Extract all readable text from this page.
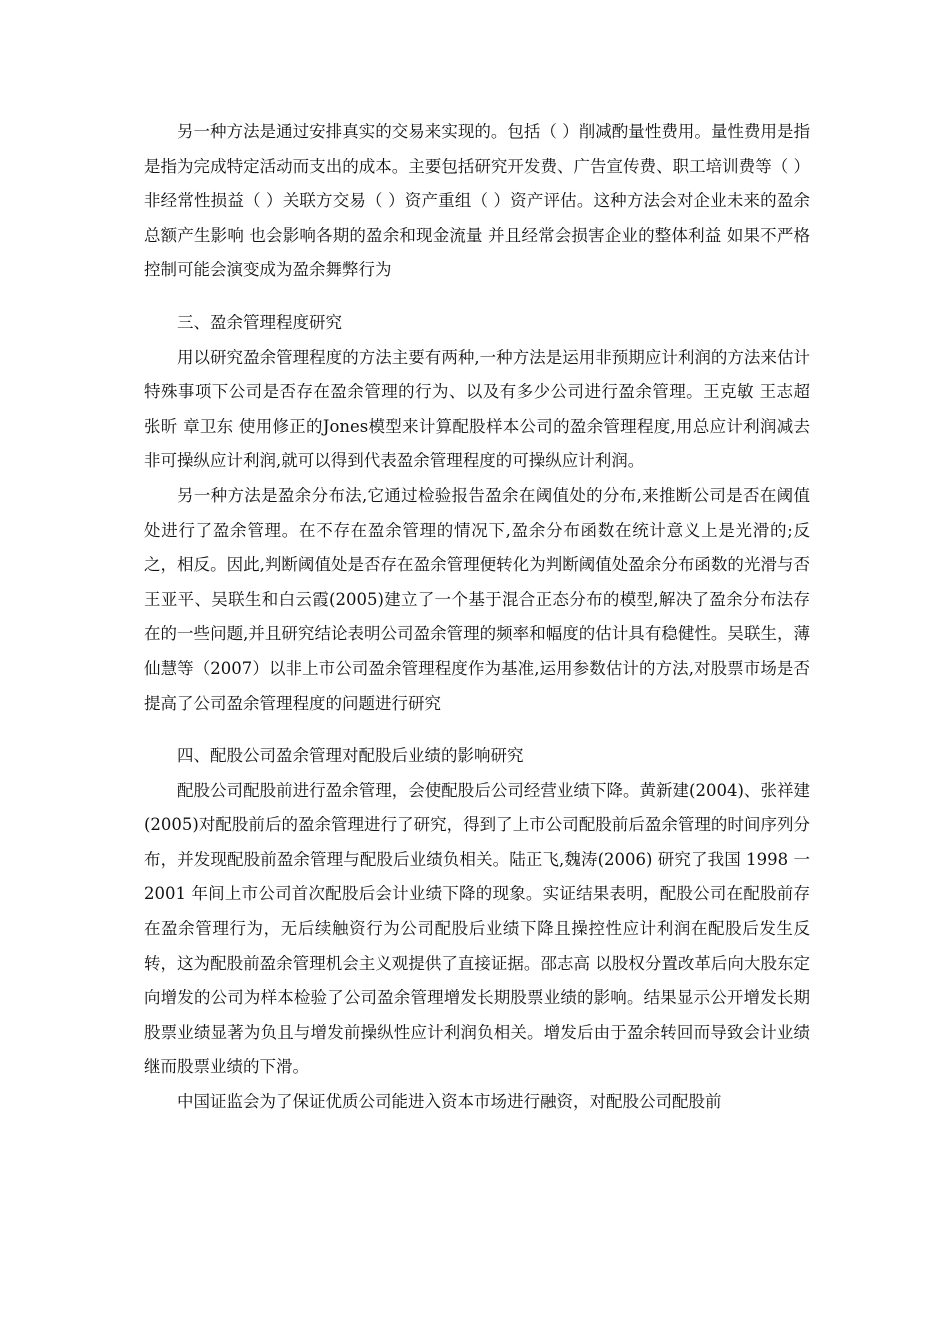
另一种方法是通过安排真实的交易来实现的。包括（ ）削减酌量性费用。量性费用是指是指为完成特定活动而支出的成本。主要包括研究开发费、广告宣传费、职工培训费等（ ）非经常性损益（ ）关联方交易（ ）资产重组（ ）资产评估。这种方法会对企业未来的盈余总额产生影响 也会影响各期的盈余和现金流量 并且经常会损害企业的整体利益 如果不严格控制可能会演变成为盈余舞弊行为

三、盈余管理程度研究

用以研究盈余管理程度的方法主要有两种,一种方法是运用非预期应计利润的方法来估计特殊事项下公司是否存在盈余管理的行为、以及有多少公司进行盈余管理。王克敏 王志超 张昕 章卫东 使用修正的Jones模型来计算配股样本公司的盈余管理程度,用总应计利润减去非可操纵应计利润,就可以得到代表盈余管理程度的可操纵应计利润。

另一种方法是盈余分布法,它通过检验报告盈余在阈值处的分布,来推断公司是否在阈值处进行了盈余管理。在不存在盈余管理的情况下,盈余分布函数在统计意义上是光滑的;反之，相反。因此,判断阈值处是否存在盈余管理便转化为判断阈值处盈余分布函数的光滑与否王亚平、吴联生和白云霞(2005)建立了一个基于混合正态分布的模型,解决了盈余分布法存在的一些问题,并且研究结论表明公司盈余管理的频率和幅度的估计具有稳健性。吴联生，薄仙慧等（2007）以非上市公司盈余管理程度作为基准,运用参数估计的方法,对股票市场是否提高了公司盈余管理程度的问题进行研究

四、配股公司盈余管理对配股后业绩的影响研究

配股公司配股前进行盈余管理，会使配股后公司经营业绩下降。黄新建(2004)、张祥建(2005)对配股前后的盈余管理进行了研究，得到了上市公司配股前后盈余管理的时间序列分布，并发现配股前盈余管理与配股后业绩负相关。陆正飞,魏涛(2006) 研究了我国 1998 一 2001 年间上市公司首次配股后会计业绩下降的现象。实证结果表明，配股公司在配股前存在盈余管理行为，无后续触资行为公司配股后业绩下降且操控性应计利润在配股后发生反转，这为配股前盈余管理机会主义观提供了直接证据。邵志高 以股权分置改革后向大股东定向增发的公司为样本检验了公司盈余管理增发长期股票业绩的影响。结果显示公开增发长期股票业绩显著为负且与增发前操纵性应计利润负相关。增发后由于盈余转回而导致会计业绩继而股票业绩的下滑。

中国证监会为了保证优质公司能进入资本市场进行融资，对配股公司配股前
